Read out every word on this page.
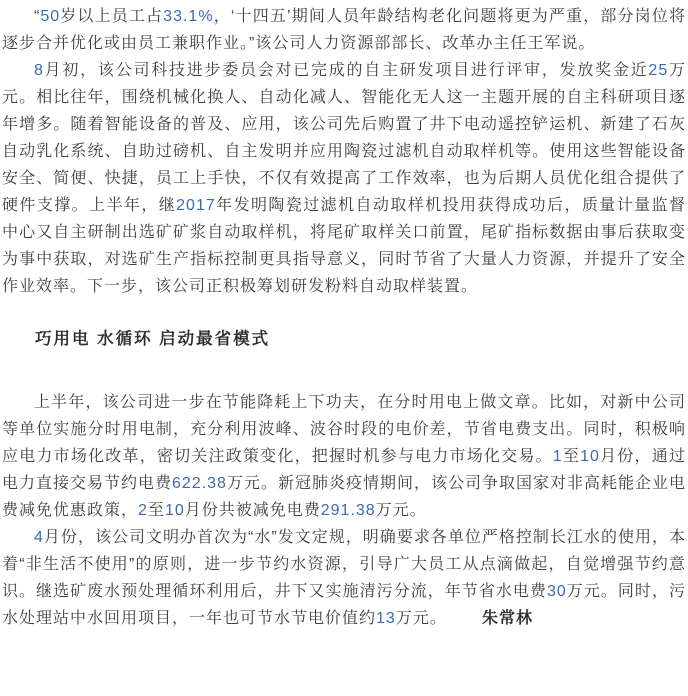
“50岁以上员工占33.1%，‘十四五’期间人员年龄结构老化问题将更为严重，部分岗位将逐步合并优化或由员工兼职作业。”该公司人力资源部部长、改革办主任王军说。

8月初，该公司科技进步委员会对已完成的自主研发项目进行评审，发放奖金近25万元。相比往年，围绕机械化换人、自动化减人、智能化无人这一主题开展的自主科研项目逐年增多。随着智能设备的普及、应用，该公司先后购置了井下电动遥控铲运机、新建了石灰自动乳化系统、自助过磅机、自主发明并应用陶瓷过滤机自动取样机等。使用这些智能设备安全、简便、快捷，员工上手快，不仅有效提高了工作效率，也为后期人员优化组合提供了硬件支撑。上半年，继2017年发明陶瓷过滤机自动取样机投用获得成功后，质量计量监督中心又自主研制出选矿矿浆自动取样机，将尾矿取样关口前置，尾矿指标数据由事后获取变为事中获取，对选矿生产指标控制更具指导意义，同时节省了大量人力资源，并提升了安全作业效率。下一步，该公司正积极筹划研发粉料自动取样装置。

巧用电 水循环 启动最省模式

上半年，该公司进一步在节能降耗上下功夫，在分时用电上做文章。比如，对新中公司等单位实施分时用电制，充分利用波峰、波谷时段的电价差，节省电费支出。同时，积极响应电力市场化改革，密切关注政策变化，把握时机参与电力市场化交易。1至10月份，通过电力直接交易节约电费622.38万元。新冠肺炎疫情期间，该公司争取国家对非高耗能企业电费减免优惠政策，2至10月份共被减免电费291.38万元。

4月份，该公司文明办首次为“水”发文定规，明确要求各单位严格控制长江水的使用，本着“非生活不使用”的原则，进一步节约水资源，引导广大员工从点滴做起，自觉增强节约意识。继选矿废水预处理循环利用后，井下又实施清污分流，年节省水电费30万元。同时，污水处理站中水回用项目，一年也可节水节电价值约13万元。 朱常林
